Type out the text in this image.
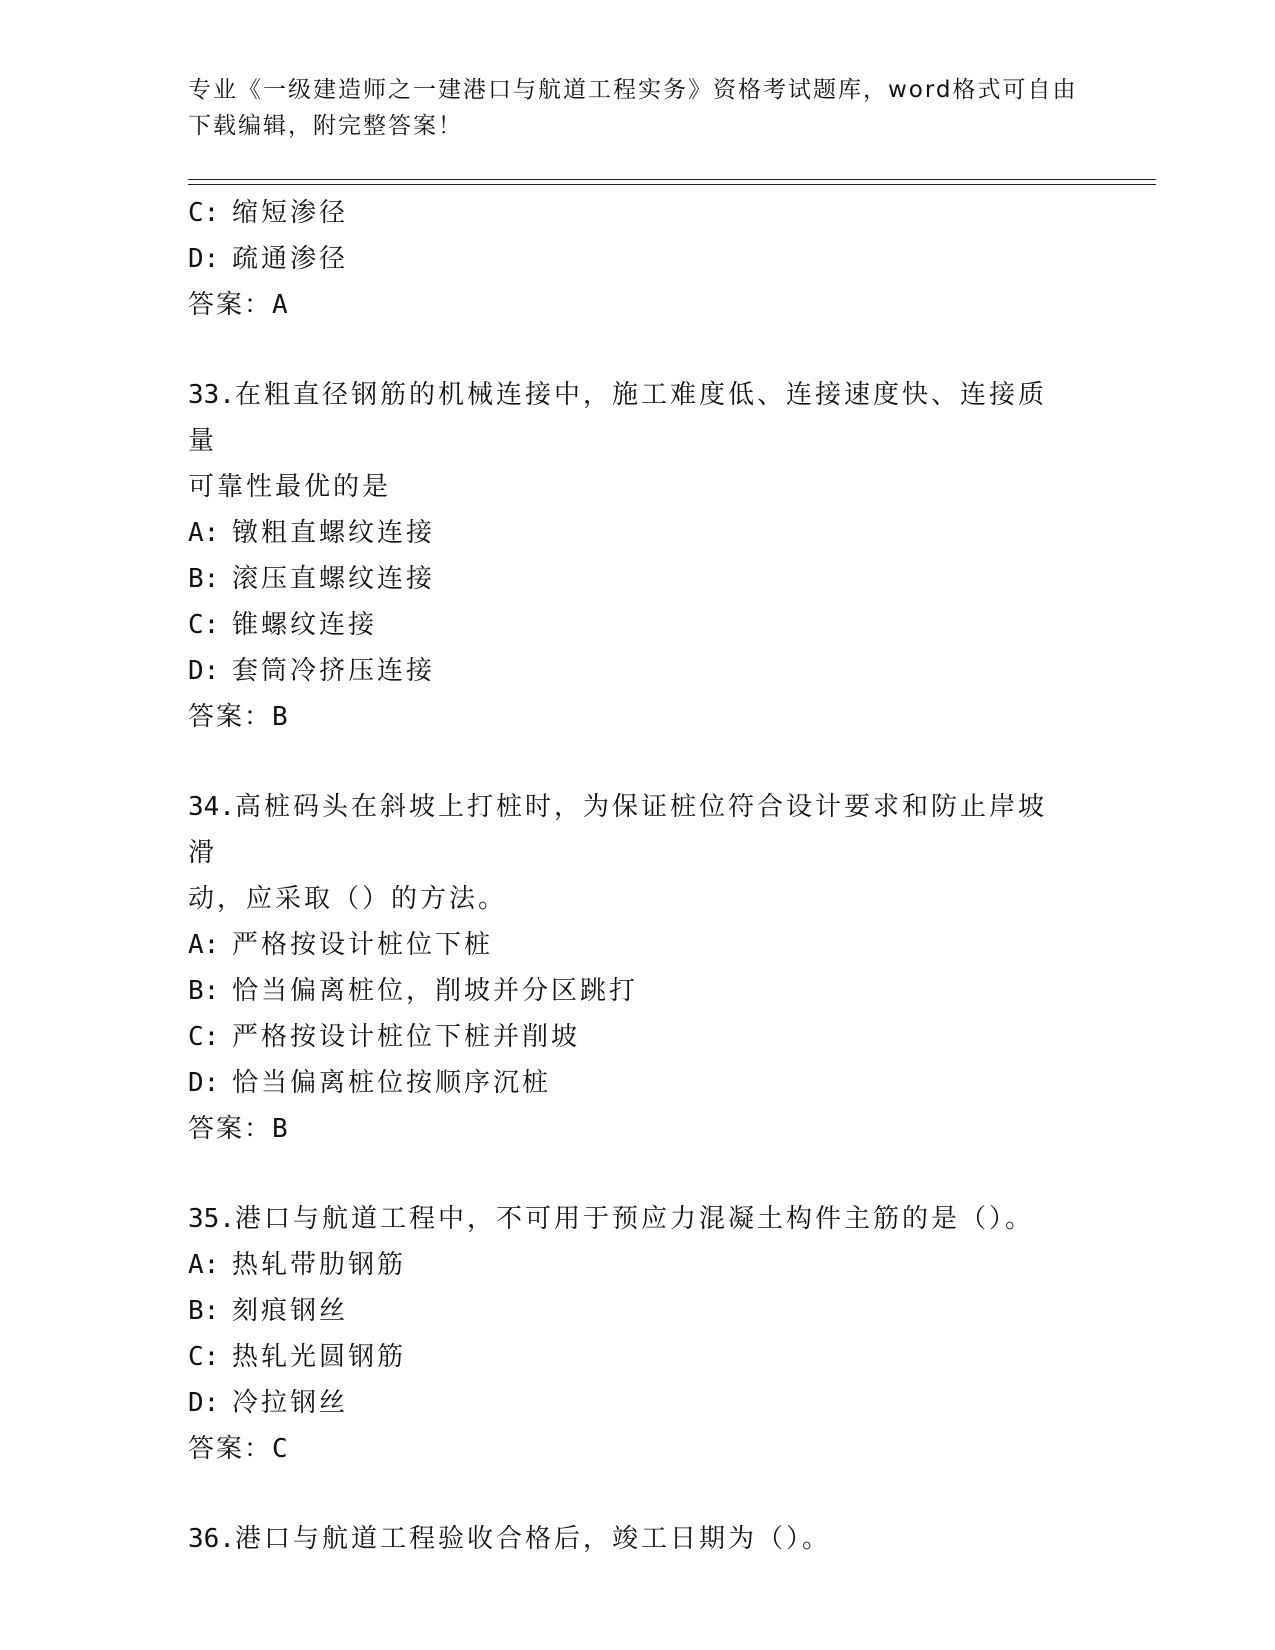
专业《一级建造师之一建港口与航道工程实务》资格考试题库，word格式可自由
下载编辑，附完整答案！
C: 缩短渗径
D: 疏通渗径
答案：A
33.在粗直径钢筋的机械连接中，施工难度低、连接速度快、连接质量
可靠性最优的是
A: 镦粗直螺纹连接
B: 滚压直螺纹连接
C: 锥螺纹连接
D: 套筒冷挤压连接
答案：B
34.高桩码头在斜坡上打桩时，为保证桩位符合设计要求和防止岸坡滑
动，应采取（）的方法。
A: 严格按设计桩位下桩
B: 恰当偏离桩位，削坡并分区跳打
C: 严格按设计桩位下桩并削坡
D: 恰当偏离桩位按顺序沉桩
答案：B
35.港口与航道工程中，不可用于预应力混凝土构件主筋的是（）。
A: 热轧带肋钢筋
B: 刻痕钢丝
C: 热轧光圆钢筋
D: 冷拉钢丝
答案：C
36.港口与航道工程验收合格后，竣工日期为（）。
